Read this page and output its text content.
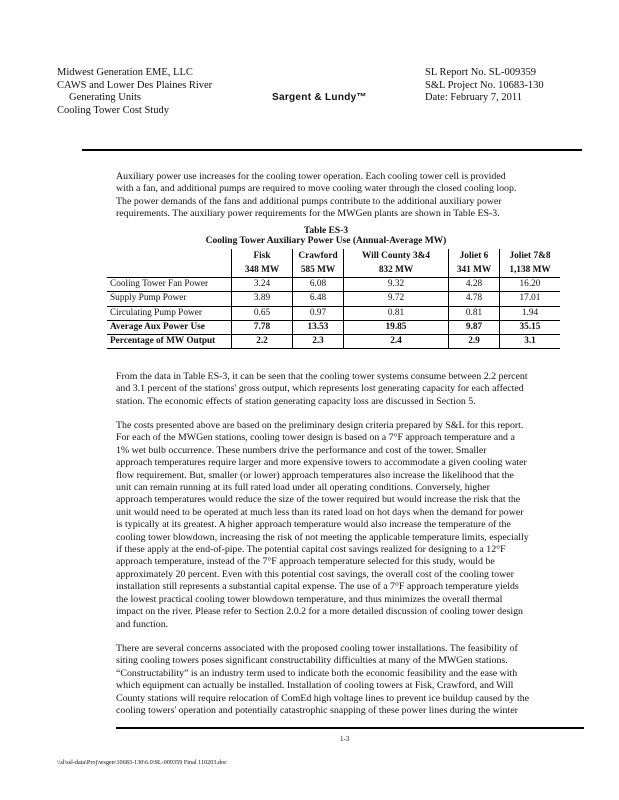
Midwest Generation EME, LLC
CAWS and Lower Des Plaines River
Generating Units
Cooling Tower Cost Study
Sargent & Lundy™
SL Report No. SL-009359
S&L Project No. 10683-130
Date: February 7, 2011
Auxiliary power use increases for the cooling tower operation. Each cooling tower cell is provided
with a fan, and additional pumps are required to move cooling water through the closed cooling loop.
The power demands of the fans and additional pumps contribute to the additional auxiliary power
requirements. The auxiliary power requirements for the MWGen plants are shown in Table ES-3.
Table ES-3
Cooling Tower Auxiliary Power Use (Annual-Average MW)
	Fisk	Crawford	Will County 3&4	Joliet 6	Joliet 7&8
	348 MW	585 MW	832 MW	341 MW	1,138 MW
Cooling Tower Fan Power	3.24	6.08	9.32	4.28	16.20
Supply Pump Power	3.89	6.48	9.72	4.78	17.01
Circulating Pump Power	0.65	0.97	0.81	0.81	1.94
Average Aux Power Use	7.78	13.53	19.85	9.87	35.15
Percentage of MW Output	2.2	2.3	2.4	2.9	3.1

From the data in Table ES-3, it can be seen that the cooling tower systems consume between 2.2 percent
and 3.1 percent of the stations' gross output, which represents lost generating capacity for each affected
station. The economic effects of station generating capacity loss are discussed in Section 5.
The costs presented above are based on the preliminary design criteria prepared by S&L for this report.
For each of the MWGen stations, cooling tower design is based on a 7°F approach temperature and a
1% wet bulb occurrence. These numbers drive the performance and cost of the tower. Smaller
approach temperatures require larger and more expensive towers to accommodate a given cooling water
flow requirement. But, smaller (or lower) approach temperatures also increase the likelihood that the
unit can remain running at its full rated load under all operating conditions. Conversely, higher
approach temperatures would reduce the size of the tower required but would increase the risk that the
unit would need to be operated at much less than its rated load on hot days when the demand for power
is typically at its greatest. A higher approach temperature would also increase the temperature of the
cooling tower blowdown, increasing the risk of not meeting the applicable temperature limits, especially
if these apply at the end-of-pipe. The potential capital cost savings realized for designing to a 12°F
approach temperature, instead of the 7°F approach temperature selected for this study, would be
approximately 20 percent. Even with this potential cost savings, the overall cost of the cooling tower
installation still represents a substantial capital expense. The use of a 7°F approach temperature yields
the lowest practical cooling tower blowdown temperature, and thus minimizes the overall thermal
impact on the river. Please refer to Section 2.0.2 for a more detailed discussion of cooling tower design
and function.
There are several concerns associated with the proposed cooling tower installations. The feasibility of
siting cooling towers poses significant constructability difficulties at many of the MWGen stations.
“Constructability” is an industry term used to indicate both the economic feasibility and the ease with
which equipment can actually be installed. Installation of cooling towers at Fisk, Crawford, and Will
County stations will require relocation of ComEd high voltage lines to prevent ice buildup caused by the
cooling towers' operation and potentially catastrophic snapping of these power lines during the winter
1-3
\\sl\ssl-data\Proj\wsgen\10683-130\6.0\SL-009359 Final 110203.doc
